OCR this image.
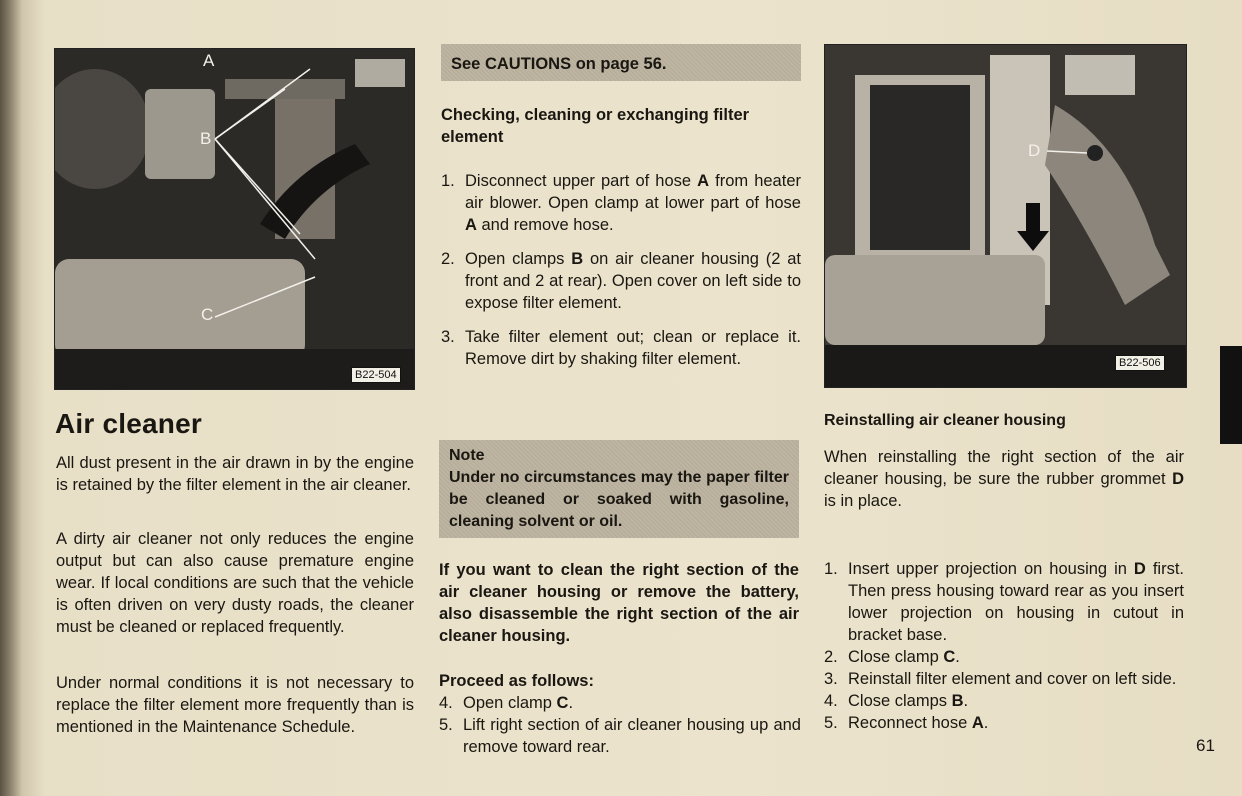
A
B
C
B22-504
Air cleaner

All dust present in the air drawn in by the engine is retained by the filter element in the air cleaner.

A dirty air cleaner not only reduces the engine output but can also cause premature engine wear. If local conditions are such that the vehicle is often driven on very dusty roads, the cleaner must be cleaned or replaced frequently.

Under normal conditions it is not necessary to replace the filter element more frequently than is mentioned in the Maintenance Schedule.

See CAUTIONS on page 56.
Checking, cleaning or exchanging filter element
1. Disconnect upper part of hose A from heater air blower. Open clamp at lower part of hose A and remove hose.
2. Open clamps B on air cleaner housing (2 at front and 2 at rear). Open cover on left side to expose filter element.
3. Take filter element out; clean or replace it. Remove dirt by shaking filter element.
Note
Under no circumstances may the paper filter be cleaned or soaked with gasoline, cleaning solvent or oil.

If you want to clean the right section of the air cleaner housing or remove the battery, also disassemble the right section of the air cleaner housing.

Proceed as follows:
4. Open clamp C.
5. Lift right section of air cleaner housing up and remove toward rear.
D
B22-506
Reinstalling air cleaner housing

When reinstalling the right section of the air cleaner housing, be sure the rubber grommet D is in place.

1. Insert upper projection on housing in D first. Then press housing toward rear as you insert lower projection on housing in cutout in bracket base.
2. Close clamp C.
3. Reinstall filter element and cover on left side.
4. Close clamps B.
5. Reconnect hose A.
61
